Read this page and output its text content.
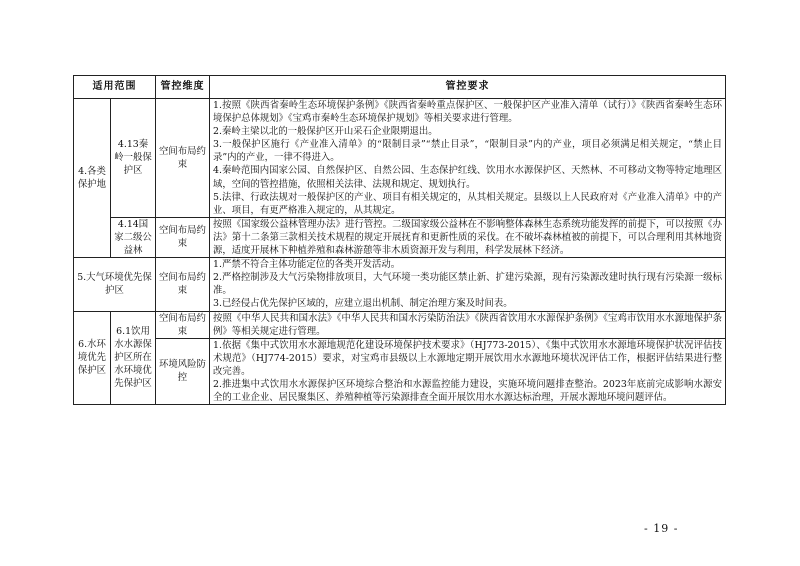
适用范围		管控维度	管控要求
4.各类保护地	4.13秦岭一般保护区	空间布局约束	1.按照《陕西省秦岭生态环境保护条例》《陕西省秦岭重点保护区、一般保护区产业准入清单（试行）》《陕西省秦岭生态环境保护总体规划》《宝鸡市秦岭生态环境保护规划》等相关要求进行管理。
2.秦岭主梁以北的一般保护区开山采石企业限期退出。
3.一般保护区施行《产业准入清单》的“限制目录”“禁止目录”，“限制目录”内的产业，项目必须满足相关规定，“禁止目录”内的产业，一律不得进入。
4.秦岭范围内国家公园、自然保护区、自然公园、生态保护红线、饮用水水源保护区、天然林、不可移动文物等特定地理区域，空间的管控措施，依照相关法律、法规和规定、规划执行。
5.法律、行政法规对一般保护区的产业、项目有相关规定的，从其相关规定。县级以上人民政府对《产业准入清单》中的产业、项目，有更严格准入规定的，从其规定。

	4.14国家二级公益林	空间布局约束	按照《国家级公益林管理办法》进行管控。二级国家级公益林在不影响整体森林生态系统功能发挥的前提下，可以按照《办法》第十二条第三款相关技术规程的规定开展抚育和更新性质的采伐。在不破坏森林植被的前提下，可以合理利用其林地资源，适度开展林下种植养殖和森林游憩等非木质资源开发与利用，科学发展林下经济。

5.大气环境优先保护区		空间布局约束	1.严禁不符合主体功能定位的各类开发活动。
2.严格控制涉及大气污染物排放项目，大气环境一类功能区禁止新、扩建污染源，现有污染源改建时执行现有污染源一级标准。
3.已经侵占优先保护区域的，应建立退出机制、制定治理方案及时间表。

6.水环境优先保护区	6.1饮用水水源保护区所在水环境优先保护区	空间布局约束	按照《中华人民共和国水法》《中华人民共和国水污染防治法》《陕西省饮用水水源保护条例》《宝鸡市饮用水水源地保护条例》等相关规定进行管理。

		环境风险防控	1.依据《集中式饮用水水源地规范化建设环境保护技术要求》（HJ773-2015）、《集中式饮用水水源地环境保护状况评估技术规范》（HJ774-2015）要求，对宝鸡市县级以上水源地定期开展饮用水水源地环境状况评估工作，根据评估结果进行整改完善。
2.推进集中式饮用水水源保护区环境综合整治和水源监控能力建设，实施环境问题排查整治。2023年底前完成影响水源安全的工业企业、居民聚集区、养殖种植等污染源排查全面开展饮用水水源达标治理，开展水源地环境问题评估。
- 19 -
